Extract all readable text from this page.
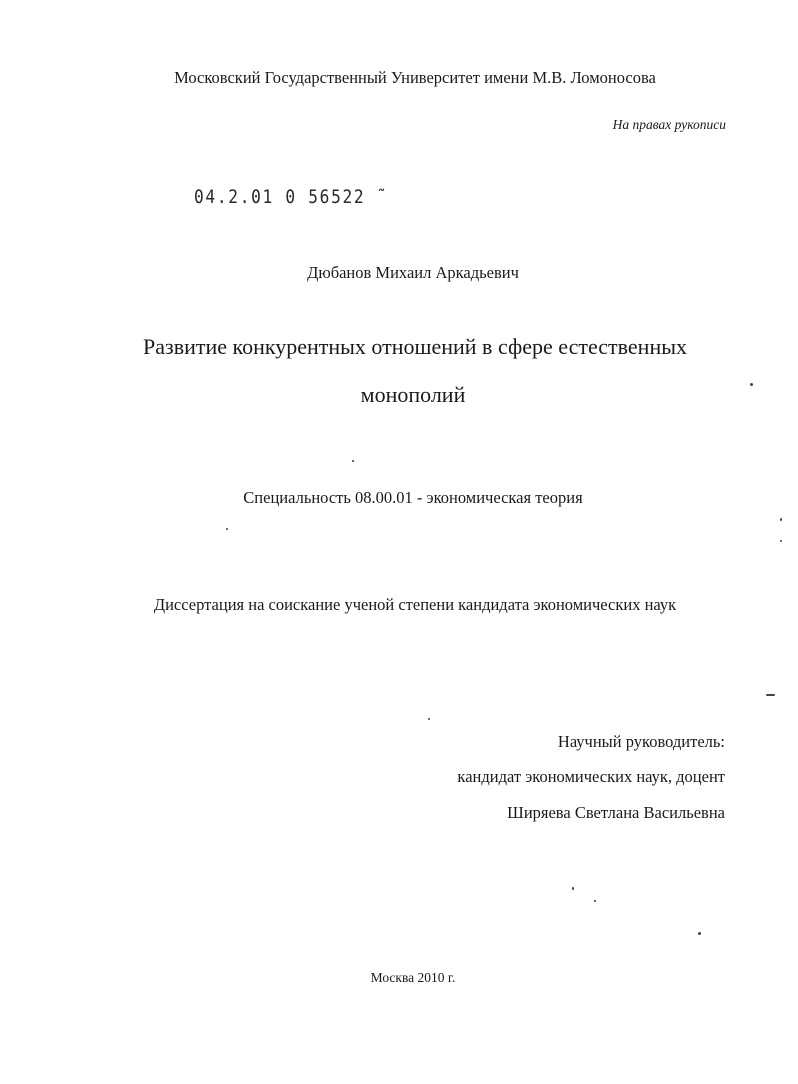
Московский Государственный Университет имени М.В. Ломоносова
На правах рукописи
04.2.01 0 56522 ˜
Дюбанов Михаил Аркадьевич
Развитие конкурентных отношений в сфере естественных
монополий
Специальность 08.00.01 - экономическая теория
Диссертация на соискание ученой степени кандидата экономических наук
Научный руководитель:
кандидат экономических наук, доцент
Ширяева Светлана Васильевна
Москва 2010 г.
